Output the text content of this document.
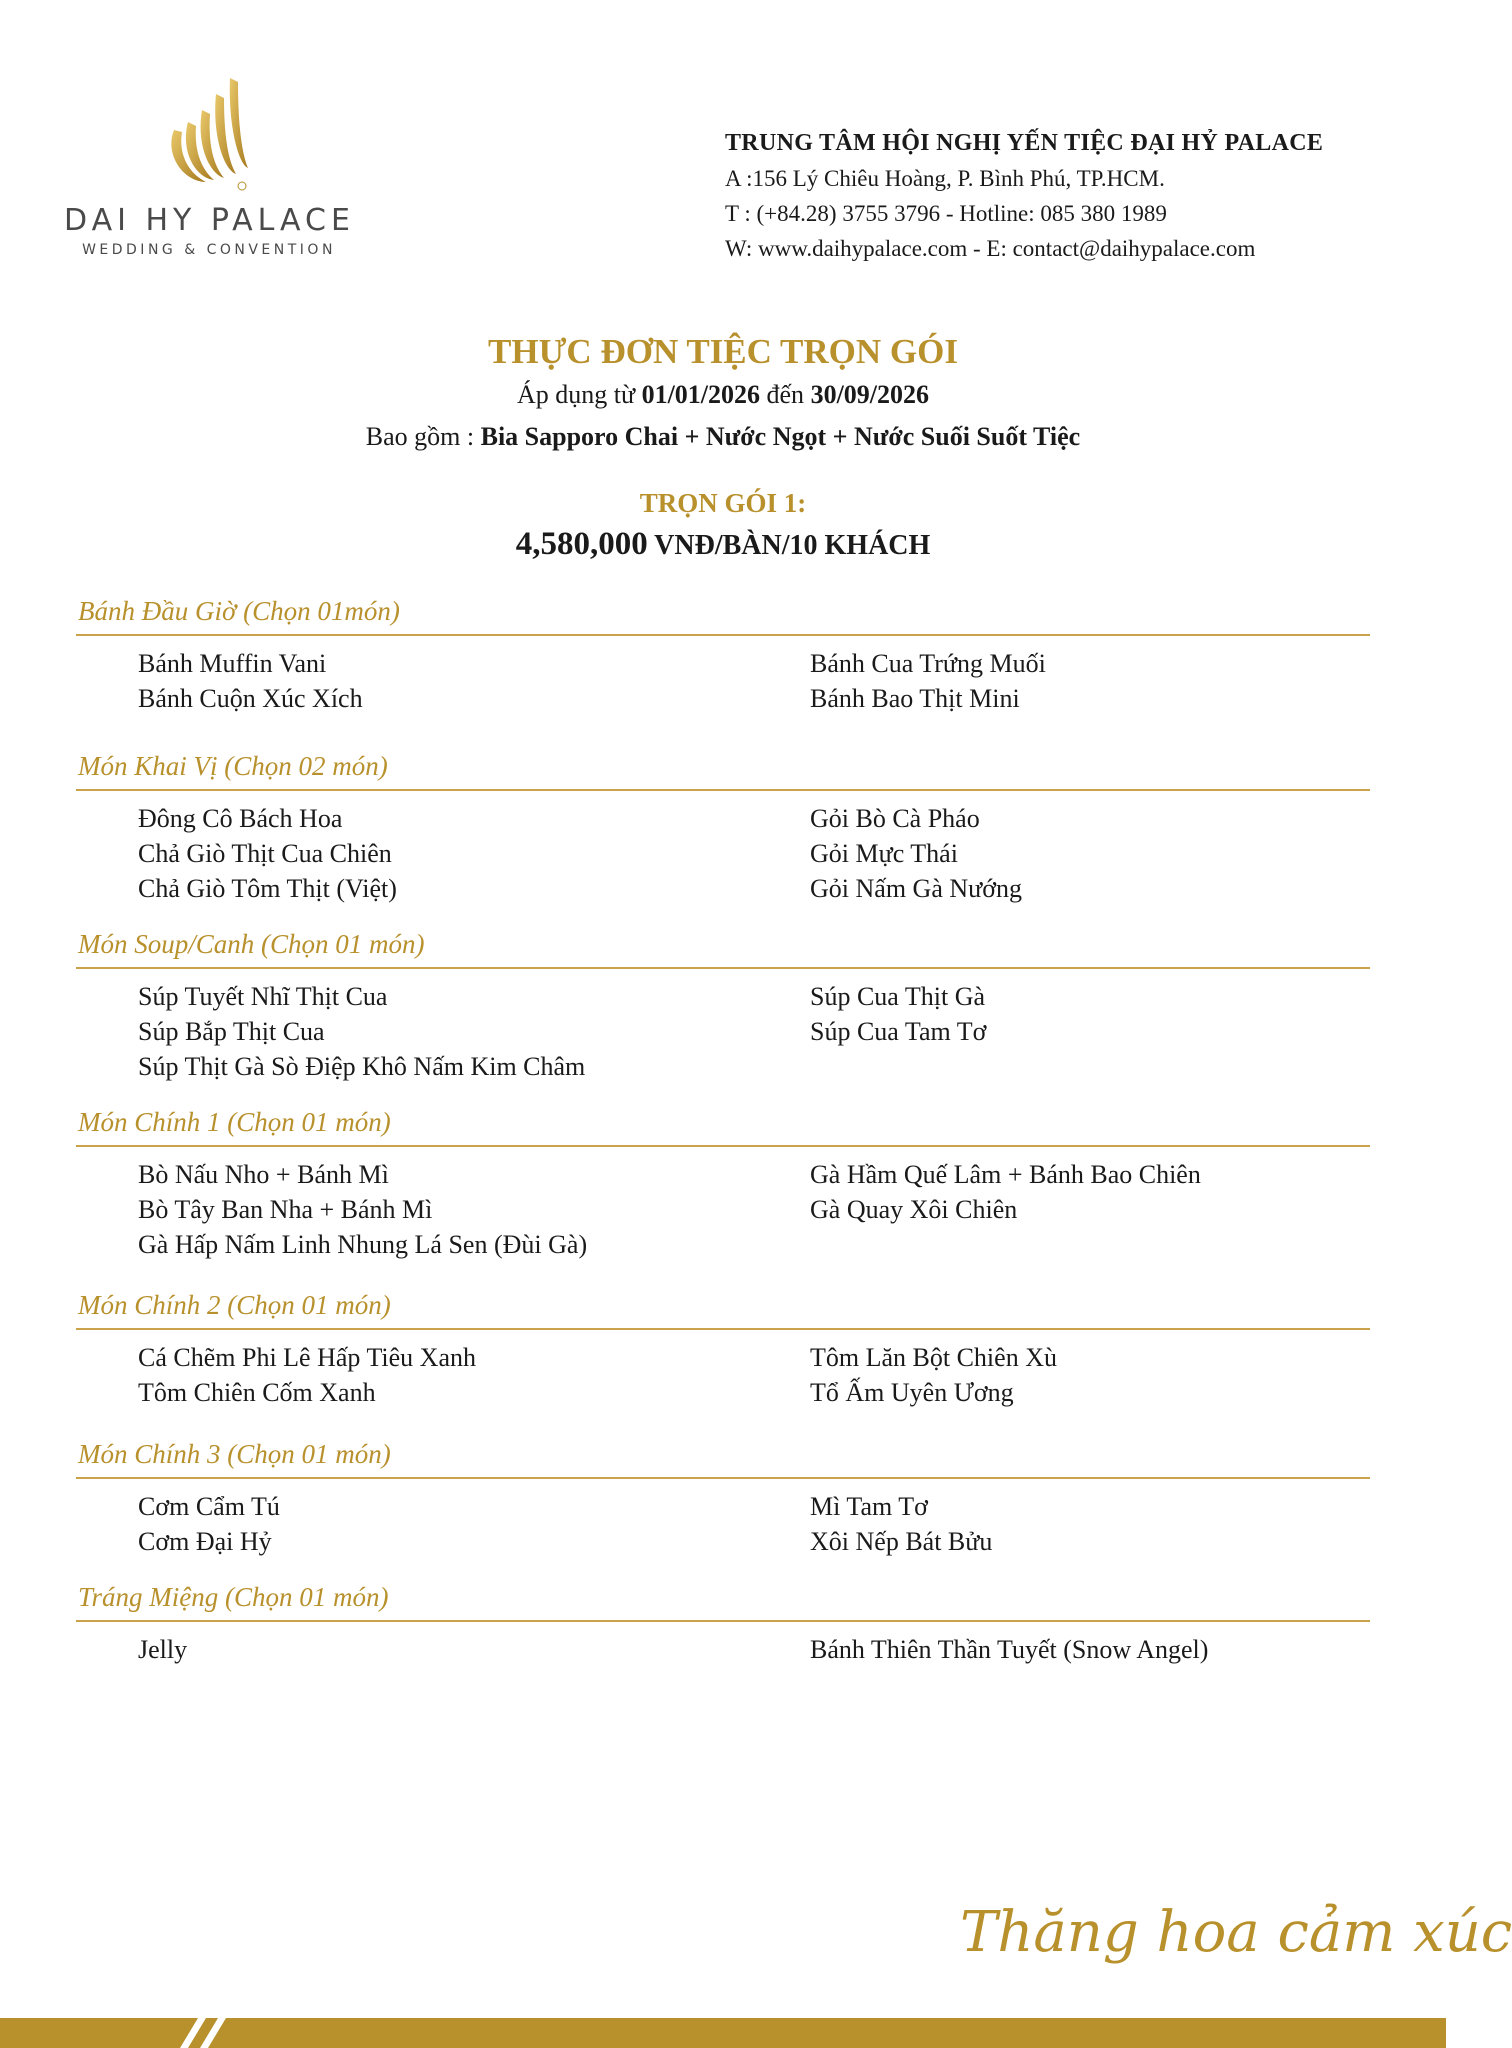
DAI HY PALACE
WEDDING & CONVENTION
TRUNG TÂM HỘI NGHỊ YẾN TIỆC ĐẠI HỶ PALACE
A :156 Lý Chiêu Hoàng, P. Bình Phú, TP.HCM.
T : (+84.28) 3755 3796 - Hotline: 085 380 1989
W: www.daihypalace.com - E: contact@daihypalace.com
THỰC ĐƠN TIỆC TRỌN GÓI
Áp dụng từ 01/01/2026 đến 30/09/2026
Bao gồm : Bia Sapporo Chai + Nước Ngọt + Nước Suối Suốt Tiệc
TRỌN GÓI 1:
4,580,000 VNĐ/BÀN/10 KHÁCH
Bánh Đầu Giờ (Chọn 01món)
Bánh Muffin Vani
Bánh Cuộn Xúc Xích
Bánh Cua Trứng Muối
Bánh Bao Thịt Mini
Món Khai Vị (Chọn 02 món)
Đông Cô Bách Hoa
Chả Giò Thịt Cua Chiên
Chả Giò Tôm Thịt (Việt)
Gỏi Bò Cà Pháo
Gỏi Mực Thái
Gỏi Nấm Gà Nướng
Món Soup/Canh (Chọn 01 món)
Súp Tuyết Nhĩ Thịt Cua
Súp Bắp Thịt Cua
Súp Thịt Gà Sò Điệp Khô Nấm Kim Châm
Súp Cua Thịt Gà
Súp Cua Tam Tơ
Món Chính 1 (Chọn 01 món)
Bò Nấu Nho + Bánh Mì
Bò Tây Ban Nha + Bánh Mì
Gà Hấp Nấm Linh Nhung Lá Sen (Đùi Gà)
Gà Hầm Quế Lâm + Bánh Bao Chiên
Gà Quay Xôi Chiên
Món Chính 2 (Chọn 01 món)
Cá Chẽm Phi Lê Hấp Tiêu Xanh
Tôm Chiên Cốm Xanh
Tôm Lăn Bột Chiên Xù
Tổ Ấm Uyên Ương
Món Chính 3 (Chọn 01 món)
Cơm Cẩm Tú
Cơm Đại Hỷ
Mì Tam Tơ
Xôi Nếp Bát Bửu
Tráng Miệng (Chọn 01 món)
Jelly	Bánh Thiên Thần Tuyết (Snow Angel)
Thăng hoa cảm xúc
